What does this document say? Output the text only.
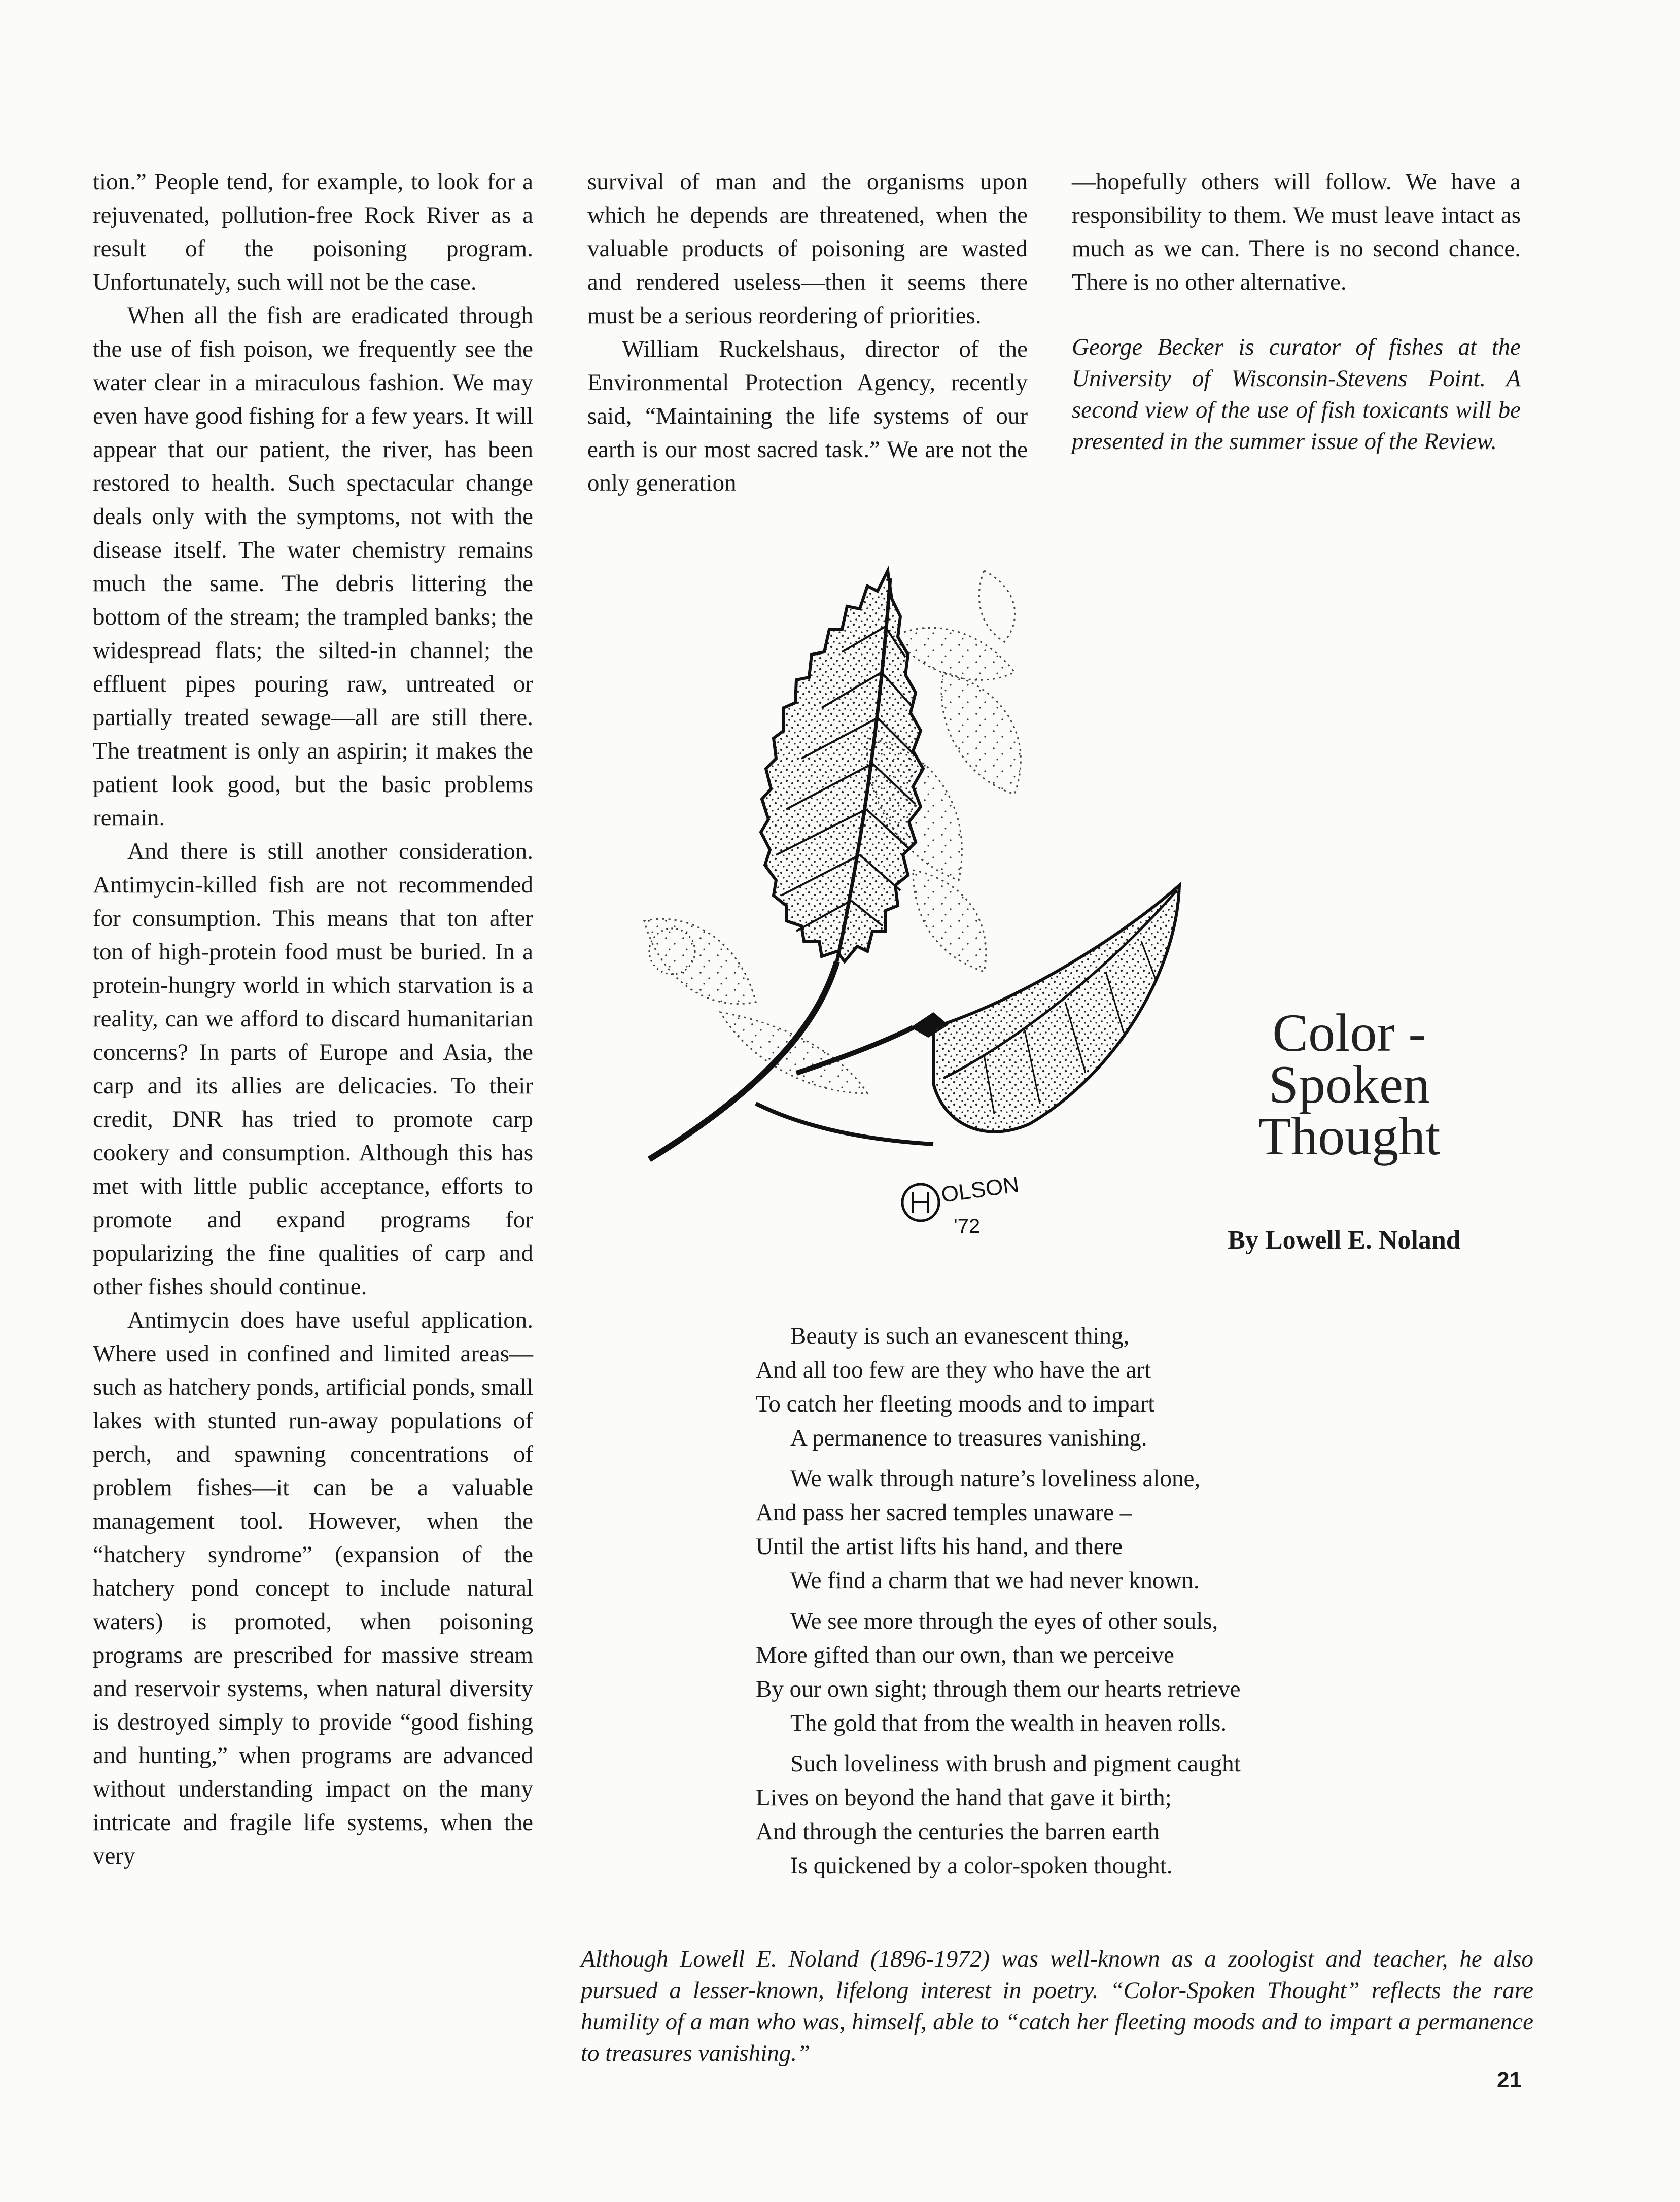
tion.” People tend, for example, to look for a rejuvenated, pollution-free Rock River as a result of the poisoning program. Unfortunately, such will not be the case.

When all the fish are eradicated through the use of fish poison, we frequently see the water clear in a miraculous fashion. We may even have good fishing for a few years. It will appear that our patient, the river, has been restored to health. Such spectacular change deals only with the symptoms, not with the disease itself. The water chemistry remains much the same. The debris littering the bottom of the stream; the trampled banks; the widespread flats; the silted-in channel; the effluent pipes pouring raw, untreated or partially treated sewage—all are still there. The treatment is only an aspirin; it makes the patient look good, but the basic problems remain.

And there is still another consideration. Antimycin-killed fish are not recommended for consumption. This means that ton after ton of high-protein food must be buried. In a protein-hungry world in which starvation is a reality, can we afford to discard humanitarian concerns? In parts of Europe and Asia, the carp and its allies are delicacies. To their credit, DNR has tried to promote carp cookery and consumption. Although this has met with little public acceptance, efforts to promote and expand programs for popularizing the fine qualities of carp and other fishes should continue.

Antimycin does have useful application. Where used in confined and limited areas—such as hatchery ponds, artificial ponds, small lakes with stunted run-away populations of perch, and spawning concentrations of problem fishes—it can be a valuable management tool. However, when the “hatchery syndrome” (expansion of the hatchery pond concept to include natural waters) is promoted, when poisoning programs are prescribed for massive stream and reservoir systems, when natural diversity is destroyed simply to provide “good fishing and hunting,” when programs are advanced without understanding impact on the many intricate and fragile life systems, when the very

survival of man and the organisms upon which he depends are threatened, when the valuable products of poisoning are wasted and rendered useless—then it seems there must be a serious reordering of priorities.

William Ruckelshaus, director of the Environmental Protection Agency, recently said, “Maintaining the life systems of our earth is our most sacred task.” We are not the only generation

—hopefully others will follow. We have a responsibility to them. We must leave intact as much as we can. There is no second chance. There is no other alternative.

George Becker is curator of fishes at the University of Wisconsin-Stevens Point. A second view of the use of fish toxicants will be presented in the summer issue of the Review.

OLSON
'72
Color -
Spoken
Thought
By Lowell E. Noland
Beauty is such an evanescent thing,
And all too few are they who have the art
To catch her fleeting moods and to impart
A permanence to treasures vanishing.
We walk through nature’s loveliness alone,
And pass her sacred temples unaware –
Until the artist lifts his hand, and there
We find a charm that we had never known.
We see more through the eyes of other souls,
More gifted than our own, than we perceive
By our own sight; through them our hearts retrieve
The gold that from the wealth in heaven rolls.
Such loveliness with brush and pigment caught
Lives on beyond the hand that gave it birth;
And through the centuries the barren earth
Is quickened by a color-spoken thought.
Although Lowell E. Noland (1896-1972) was well-known as a zoologist and teacher, he also pursued a lesser-known, lifelong interest in poetry. “Color-Spoken Thought” reflects the rare humility of a man who was, himself, able to “catch her fleeting moods and to impart a permanence to treasures vanishing.”
21
